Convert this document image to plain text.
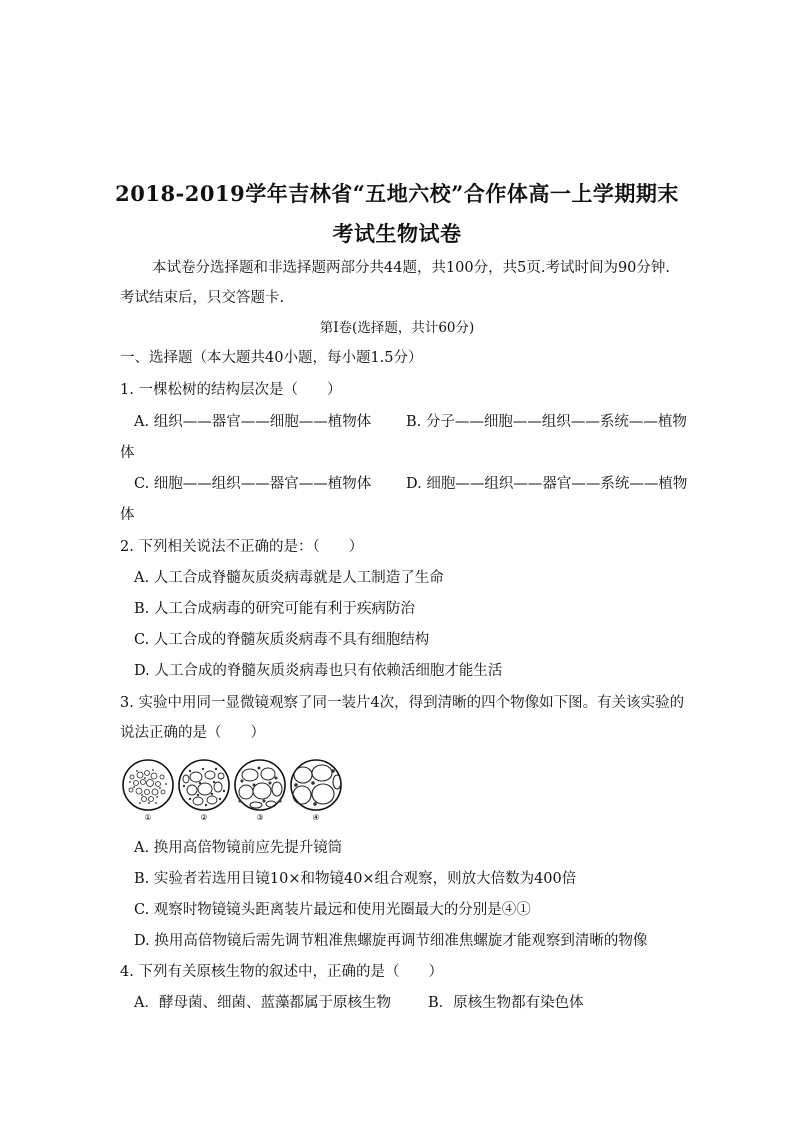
2018-2019学年吉林省“五地六校”合作体高一上学期期末
考试生物试卷
本试卷分选择题和非选择题两部分共44题，共100分，共5页.考试时间为90分钟.
考试结束后，只交答题卡.
第Ⅰ卷(选择题，共计60分)
一、选择题（本大题共40小题，每小题1.5分）
1. 一棵松树的结构层次是（　　）
A. 组织——器官——细胞——植物体 B. 分子——细胞——组织——系统——植物
体
C. 细胞——组织——器官——植物体 D. 细胞——组织——器官——系统——植物
体
2. 下列相关说法不正确的是：（　　）
A. 人工合成脊髓灰质炎病毒就是人工制造了生命
B. 人工合成病毒的研究可能有利于疾病防治
C. 人工合成的脊髓灰质炎病毒不具有细胞结构
D. 人工合成的脊髓灰质炎病毒也只有依赖活细胞才能生活
3. 实验中用同一显微镜观察了同一装片4次，得到清晰的四个物像如下图。有关该实验的
说法正确的是（　　）
①	②	③	④
A. 换用高倍物镜前应先提升镜筒
B. 实验者若选用目镜10×和物镜40×组合观察，则放大倍数为400倍
C. 观察时物镜镜头距离装片最远和使用光圈最大的分别是④①
D. 换用高倍物镜后需先调节粗准焦螺旋再调节细准焦螺旋才能观察到清晰的物像
4. 下列有关原核生物的叙述中，正确的是（　　）
A．酵母菌、细菌、蓝藻都属于原核生物	B．原核生物都有染色体
